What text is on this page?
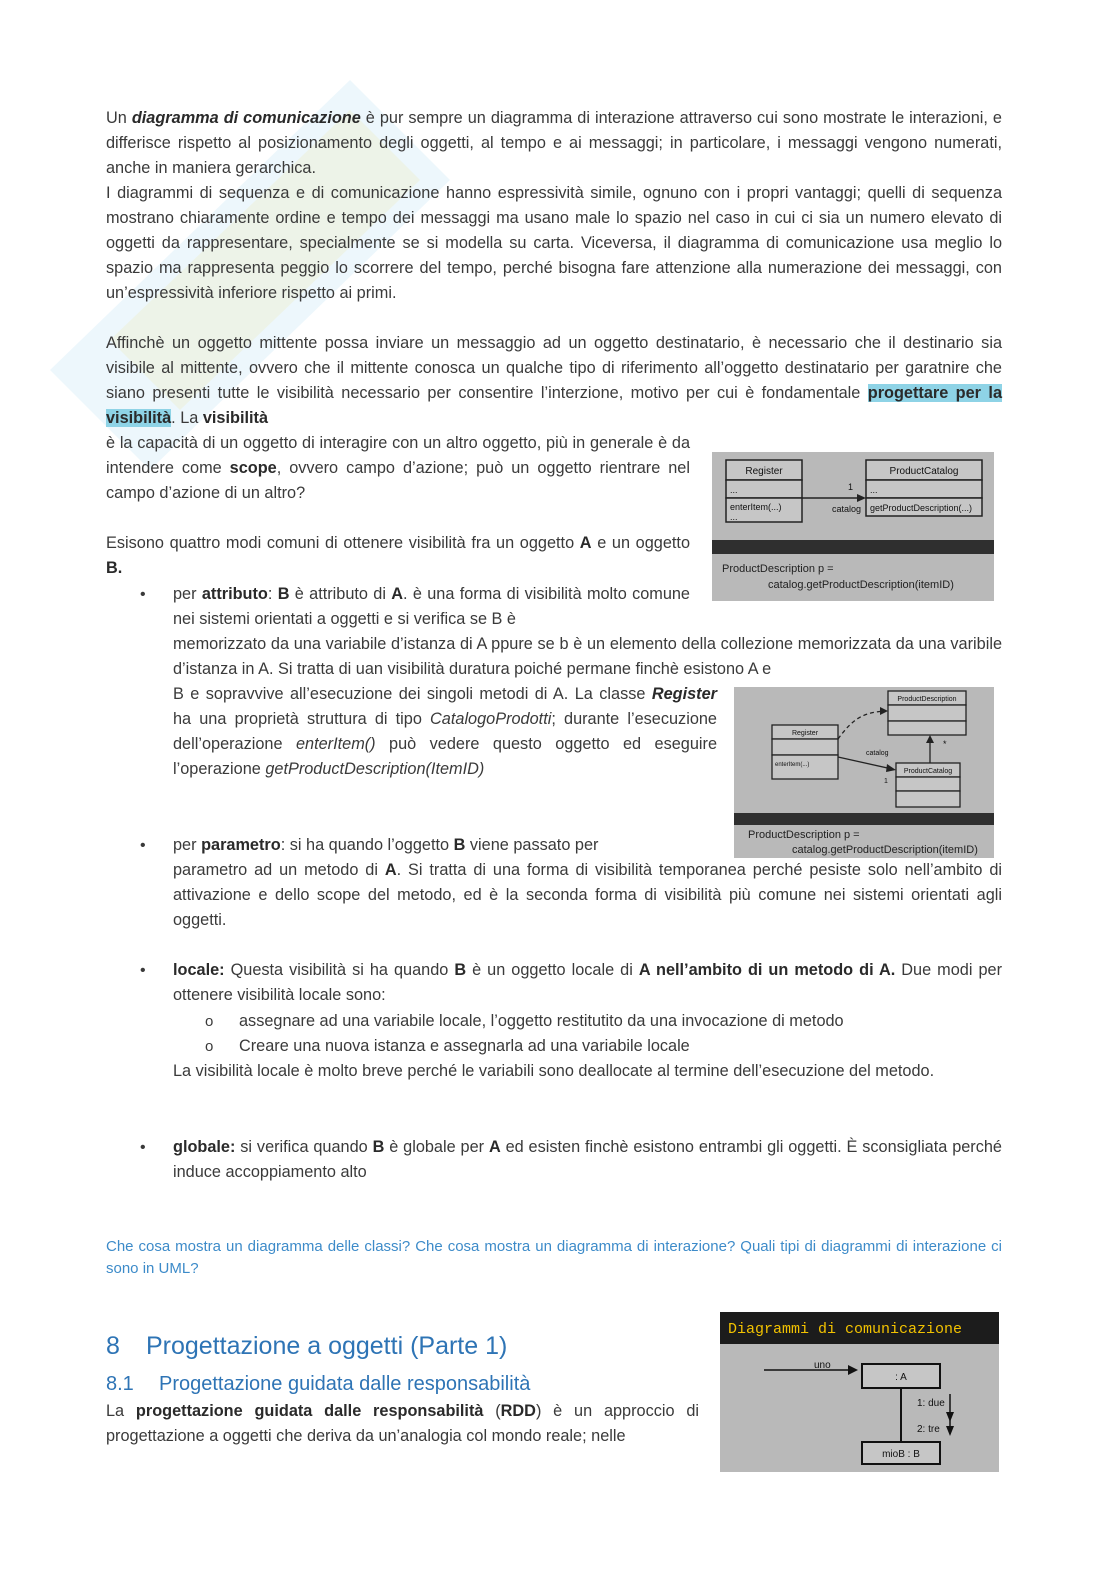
Un diagramma di comunicazione è pur sempre un diagramma di interazione attraverso cui sono mostrate le interazioni, e differisce rispetto al posizionamento degli oggetti, al tempo e ai messaggi; in particolare, i messaggi vengono numerati, anche in maniera gerarchica.

I diagrammi di sequenza e di comunicazione hanno espressività simile, ognuno con i propri vantaggi; quelli di sequenza mostrano chiaramente ordine e tempo dei messaggi ma usano male lo spazio nel caso in cui ci sia un numero elevato di oggetti da rappresentare, specialmente se si modella su carta. Viceversa, il diagramma di comunicazione usa meglio lo spazio ma rappresenta peggio lo scorrere del tempo, perché bisogna fare attenzione alla numerazione dei messaggi, con un’espressività inferiore rispetto ai primi.

Affinchè un oggetto mittente possa inviare un messaggio ad un oggetto destinatario, è necessario che il destinario sia visibile al mittente, ovvero che il mittente conosca un qualche tipo di riferimento all’oggetto destinatario per garatnire che siano presenti tutte le visibilità necessario per consentire l’interzione, motivo per cui è fondamentale progettare per la visibilità. La visibilità

è la capacità di un oggetto di interagire con un altro oggetto, più in generale è da intendere come scope, ovvero campo d’azione; può un oggetto rientrare nel campo d’azione di un altro?

Esisono quattro modi comuni di ottenere visibilità fra un oggetto A e un oggetto B.

• per attributo: B è attributo di A. è una forma di visibilità molto comune nei sistemi orientati a oggetti e si verifica se B è
memorizzato da una variabile d’istanza di A ppure se b è un elemento della collezione memorizzata da una varibile d’istanza in A. Si tratta di uan visibilità duratura poiché permane finchè esistono A e
B e sopravvive all’esecuzione dei singoli metodi di A. La classe Register ha una proprietà struttura di tipo CatalogoProdotti; durante l’esecuzione dell’operazione enterItem() può vedere questo oggetto ed eseguire l’operazione getProductDescription(ItemID)
• per parametro: si ha quando l’oggetto B viene passato per
parametro ad un metodo di A. Si tratta di una forma di visibilità temporanea perché pesiste solo nell’ambito di attivazione e dello scope del metodo, ed è la seconda forma di visibilità più comune nei sistemi orientati agli oggetti.
• locale: Questa visibilità si ha quando B è un oggetto locale di A nell’ambito di un metodo di A. Due modi per ottenere visibilità locale sono:
o assegnare ad una variabile locale, l’oggetto restitutito da una invocazione di metodo
o Creare una nuova istanza e assegnarla ad una variabile locale
La visibilità locale è molto breve perché le variabili sono deallocate al termine dell’esecuzione del metodo.
• globale: si verifica quando B è globale per A ed esisten finchè esistono entrambi gli oggetti. È sconsigliata perché induce accoppiamento alto
Che cosa mostra un diagramma delle classi? Che cosa mostra un diagramma di interazione? Quali tipi di diagrammi di interazione ci sono in UML?
8 Progettazione a oggetti (Parte 1)
8.1 Progettazione guidata dalle responsabilità
La progettazione guidata dalle responsabilità (RDD) è un approccio di progettazione a oggetti che deriva da un’analogia col mondo reale; nelle
Register
...
enterItem(...)
...
ProductCatalog
...
getProductDescription(...)
1
catalog
ProductDescription p =
catalog.getProductDescription(itemID)
ProductDescription
Register
enterItem(...)
ProductCatalog
catalog
1
*
ProductDescription p =
catalog.getProductDescription(itemID)
Diagrammi di comunicazione
uno
: A
1: due
2: tre
mioB : B
